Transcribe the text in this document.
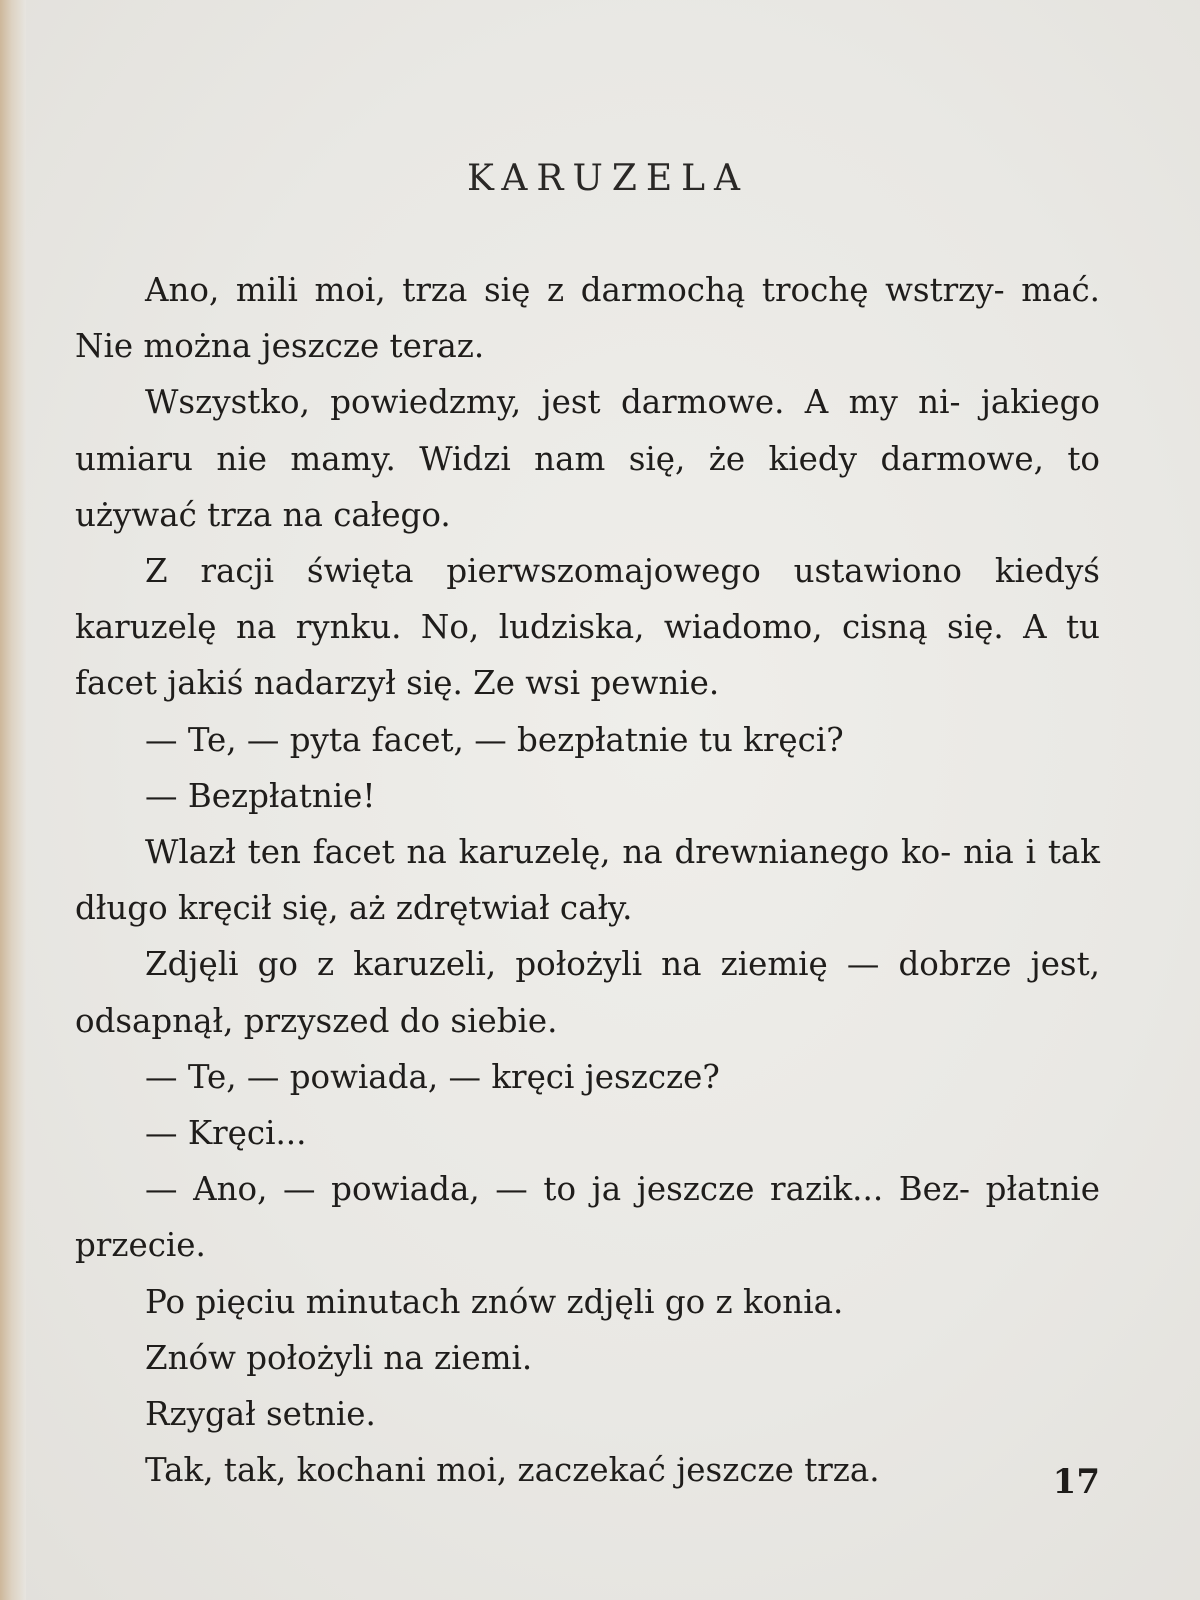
KARUZELA

Ano, mili moi, trza się z darmochą trochę wstrzy- mać. Nie można jeszcze teraz.

Wszystko, powiedzmy, jest darmowe. A my ni- jakiego umiaru nie mamy. Widzi nam się, że kiedy darmowe, to używać trza na całego.

Z racji święta pierwszomajowego ustawiono kiedyś karuzelę na rynku. No, ludziska, wiadomo, cisną się. A tu facet jakiś nadarzył się. Ze wsi pewnie.

— Te, — pyta facet, — bezpłatnie tu kręci?

— Bezpłatnie!

Wlazł ten facet na karuzelę, na drewnianego ko- nia i tak długo kręcił się, aż zdrętwiał cały.

Zdjęli go z karuzeli, położyli na ziemię — dobrze jest, odsapnął, przyszed do siebie.

— Te, — powiada, — kręci jeszcze?

— Kręci...

— Ano, — powiada, — to ja jeszcze razik... Bez- płatnie przecie.

Po pięciu minutach znów zdjęli go z konia.

Znów położyli na ziemi.

Rzygał setnie.

Tak, tak, kochani moi, zaczekać jeszcze trza.	17
